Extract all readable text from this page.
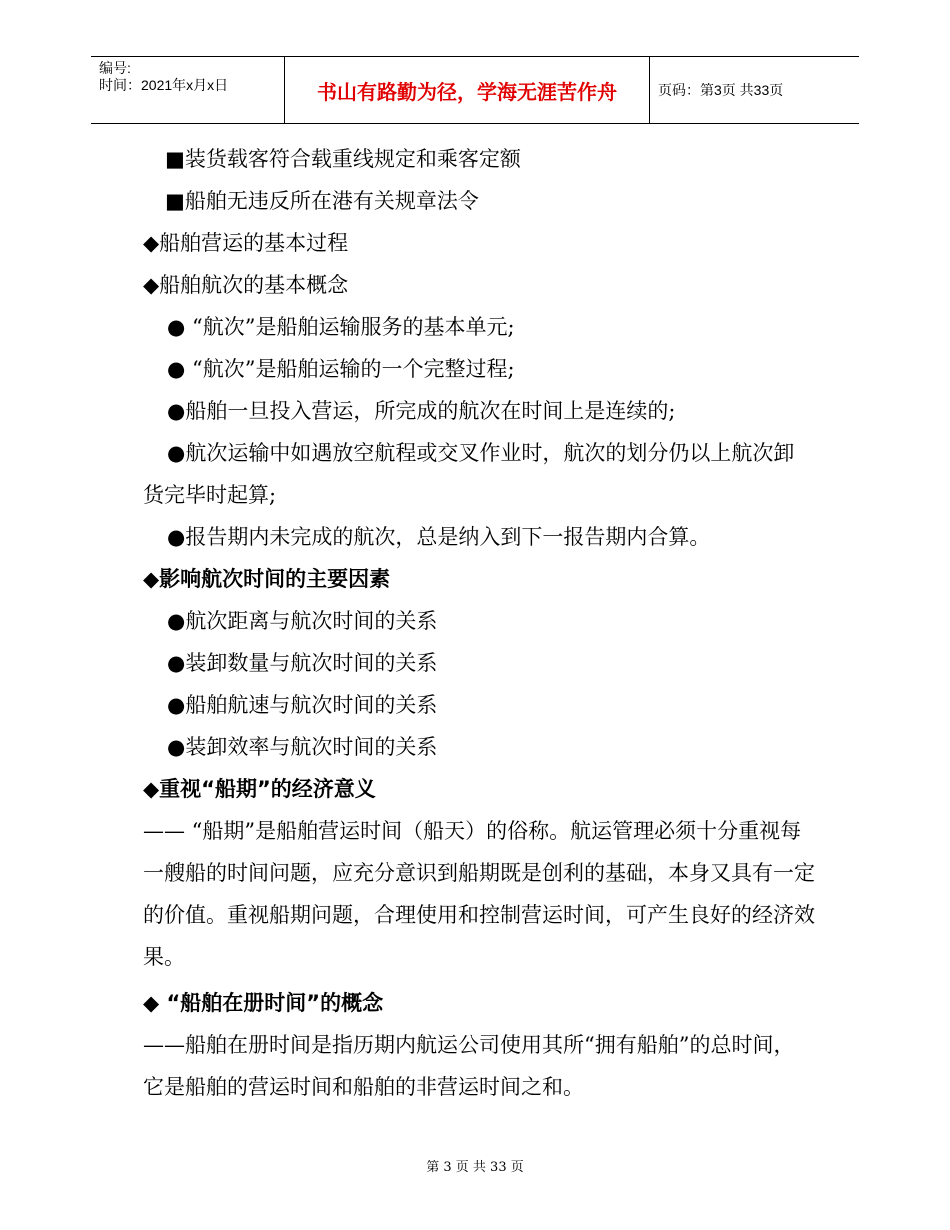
编号:
时间：2021年x月x日	书山有路勤为径，学海无涯苦作舟	页码：第3页 共33页
■装货载客符合载重线规定和乘客定额
■船舶无违反所在港有关规章法令
◆船舶营运的基本过程
◆船舶航次的基本概念
● “航次”是船舶运输服务的基本单元;
● “航次”是船舶运输的一个完整过程;
●船舶一旦投入营运，所完成的航次在时间上是连续的;
●航次运输中如遇放空航程或交叉作业时，航次的划分仍以上航次卸货完毕时起算;
●报告期内未完成的航次，总是纳入到下一报告期内合算。
◆影响航次时间的主要因素
●航次距离与航次时间的关系
●装卸数量与航次时间的关系
●船舶航速与航次时间的关系
●装卸效率与航次时间的关系
◆重视“船期”的经济意义
—— “船期”是船舶营运时间（船天）的俗称。航运管理必须十分重视每一艘船的时间问题，应充分意识到船期既是创利的基础，本身又具有一定的价值。重视船期问题，合理使用和控制营运时间，可产生良好的经济效果。
◆ “船舶在册时间”的概念
——船舶在册时间是指历期内航运公司使用其所“拥有船舶”的总时间，它是船舶的营运时间和船舶的非营运时间之和。
第 3 页 共 33 页
